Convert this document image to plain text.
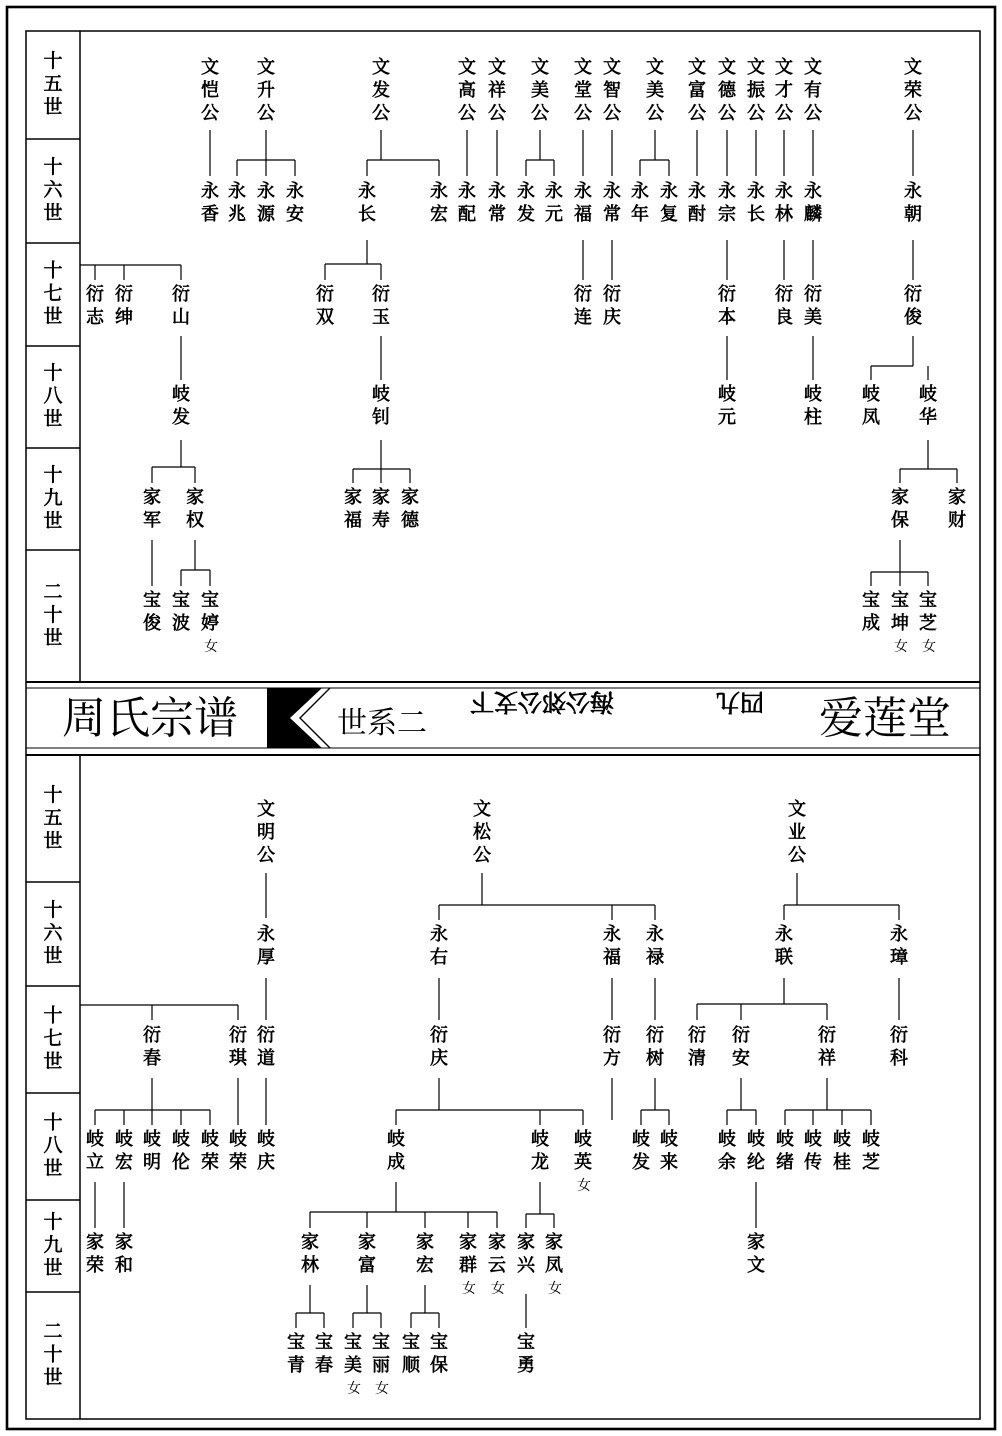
十五世
十六世
十七世
十八世
十九世
二十世
十五世
十六世
十七世
十八世
十九世
二十世
周氏宗谱	世系二
海公郊公支下	四九 爱莲堂
文恺公
文升公
文发公
文高公
文祥公
文美公
文堂公
文智公
文美公
文富公
文德公
文振公
文才公
文有公
文荣公
永香
永兆
永源
永安
永长
永宏
永配
永常
永发
永元
永福
永常
永年
永复
永酎
永宗
永长
永林
永麟
永朝
衍志
衍绅
衍山
衍双
衍玉
衍连
衍庆
衍本
衍良
衍美
衍俊
岐发
岐钊
岐元
岐柱
岐凤
岐华
家军
家权
家福
家寿
家德
家保
家财
宝俊
宝波
宝婷
女
宝成
宝坤
女
宝芝
女
文明公
文松公
文业公
永厚
永右
永福
永禄
永联
永璋
衍春
衍琪
衍道
衍庆
衍方
衍树
衍清
衍安
衍祥
衍科
岐立
岐宏
岐明
岐伦
岐荣
岐荣
岐庆
岐成
岐龙
岐英
女
岐发
岐来
岐余
岐纶
岐绪
岐传
岐桂
岐芝
家荣
家和
家林
家富
家宏
家群
女
家云
女
家兴
家凤
女
家文
宝青
宝春
宝美
女
宝丽
女
宝顺
宝保
宝勇
